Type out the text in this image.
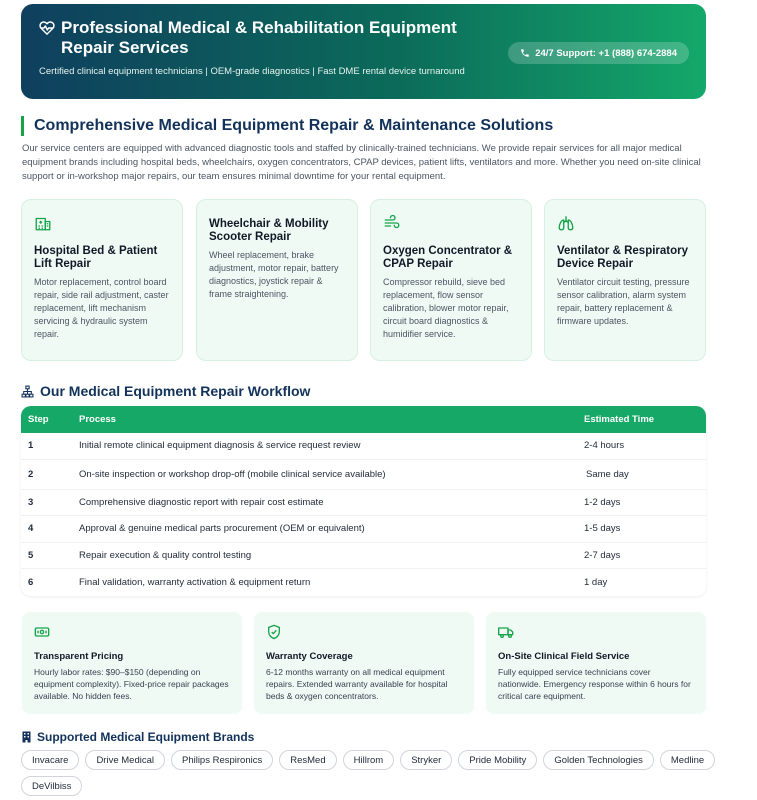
Professional Medical & Rehabilitation Equipment Repair Services
Certified clinical equipment technicians | OEM-grade diagnostics | Fast DME rental device turnaround
24/7 Support: +1 (888) 674-2884
Comprehensive Medical Equipment Repair & Maintenance Solutions
Our service centers are equipped with advanced diagnostic tools and staffed by clinically-trained technicians. We provide repair services for all major medical equipment brands including hospital beds, wheelchairs, oxygen concentrators, CPAP devices, patient lifts, ventilators and more. Whether you need on-site clinical support or in-workshop major repairs, our team ensures minimal downtime for your rental equipment.
Hospital Bed & Patient Lift Repair

Motor replacement, control board repair, side rail adjustment, caster replacement, lift mechanism servicing & hydraulic system repair.

Wheelchair & Mobility Scooter Repair

Wheel replacement, brake adjustment, motor repair, battery diagnostics, joystick repair & frame straightening.

Oxygen Concentrator & CPAP Repair

Compressor rebuild, sieve bed replacement, flow sensor calibration, blower motor repair, circuit board diagnostics & humidifier service.

Ventilator & Respiratory Device Repair

Ventilator circuit testing, pressure sensor calibration, alarm system repair, battery replacement & firmware updates.

Our Medical Equipment Repair Workflow
Step	Process	Estimated Time
1	Initial remote clinical equipment diagnosis & service request review	2-4 hours
2	On-site inspection or workshop drop-off (mobile clinical service available)	Same day
3	Comprehensive diagnostic report with repair cost estimate	1-2 days
4	Approval & genuine medical parts procurement (OEM or equivalent)	1-5 days
5	Repair execution & quality control testing	2-7 days
6	Final validation, warranty activation & equipment return	1 day
Transparent Pricing

Hourly labor rates: $90–$150 (depending on equipment complexity). Fixed-price repair packages available. No hidden fees.

Warranty Coverage

6-12 months warranty on all medical equipment repairs. Extended warranty available for hospital beds & oxygen concentrators.

On-Site Clinical Field Service

Fully equipped service technicians cover nationwide. Emergency response within 6 hours for critical care equipment.

Supported Medical Equipment Brands
Invacare	Drive Medical	Philips Respironics	ResMed	Hillrom	Stryker	Pride Mobility	Golden Technologies	Medline
DeVilbiss
